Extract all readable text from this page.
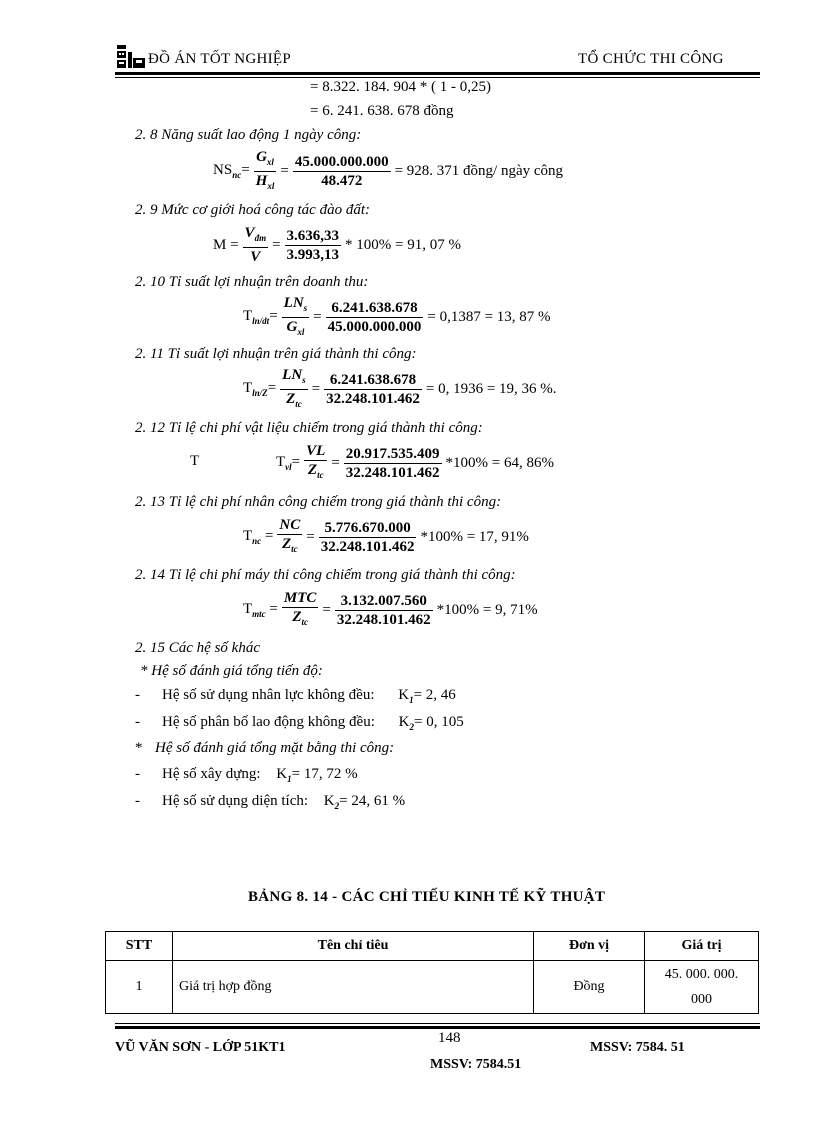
ĐỒ ÁN TỐT NGHIỆP	TỔ CHỨC THI CÔNG
= 8.322. 184. 904 * ( 1 - 0,25)
= 6. 241. 638. 678 đồng
2. 8 Năng suất lao động 1 ngày công:
$NS_{nc}= \frac{G_{xl}}{H_{xl}} = \frac{45.000.000.000}{48.472} = 928$. 371 đồng/ ngày công
2. 9 Mức cơ giới hoá công tác đào đất:
$M = \frac{V_{đm}}{V} = \frac{3.636,33}{3.993,13} * 100\% = 91$, 07 %
2. 10 Tỉ suất lợi nhuận trên doanh thu:
$T_{ln/dt}= \frac{LN_s}{G_{xl}} = \frac{6.241.638.678}{45.000.000.000} = 0,1387 = 13$, 87 %
2. 11 Tỉ suất lợi nhuận trên giá thành thi công:
$T_{ln/Z}= \frac{LN_s}{Z_{tc}} = \frac{6.241.638.678}{32.248.101.462} = 0$, 1936 = 19, 36 %.
2. 12 Tỉ lệ chi phí vật liệu chiếm trong giá thành thi công:
T	$T_{vl}= \frac{VL}{Z_{tc}} = \frac{20.917.535.409}{32.248.101.462} *100\% = 64$, 86%
2. 13 Tỉ lệ chi phí nhân công chiếm trong giá thành thi công:
$T_{nc} = \frac{NC}{Z_{tc}} = \frac{5.776.670.000}{32.248.101.462} *100\% = 17$, 91%
2. 14 Tỉ lệ chi phí máy thi công chiếm trong giá thành thi công:
$T_{mtc} = \frac{\text{MTC}}{Z_{tc}} = \frac{3.132.007.560}{32.248.101.462} *100\% = 9$, 71%
2. 15 Các hệ số khác
* Hệ số đánh giá tổng tiến độ:
- Hệ số sử dụng nhân lực không đều: $K_1= 2$, 46
- Hệ số phân bố lao động không đều: $K_2= 0$, 105
* Hệ số đánh giá tổng mặt bằng thi công:
- Hệ số xây dựng: $K_1= 17$, 72 %
- Hệ số sử dụng diện tích: $K_2= 24$, 61 %
BẢNG 8. 14 - CÁC CHỈ TIẾU KINH TẾ KỸ THUẬT
STT	Tên chỉ tiêu	Đơn vị	Giá trị
1	Giá trị hợp đồng	Đồng	45. 000. 000.
000
VŨ VĂN SƠN - LỚP 51KT1
148
MSSV: 7584. 51
MSSV: 7584.51
